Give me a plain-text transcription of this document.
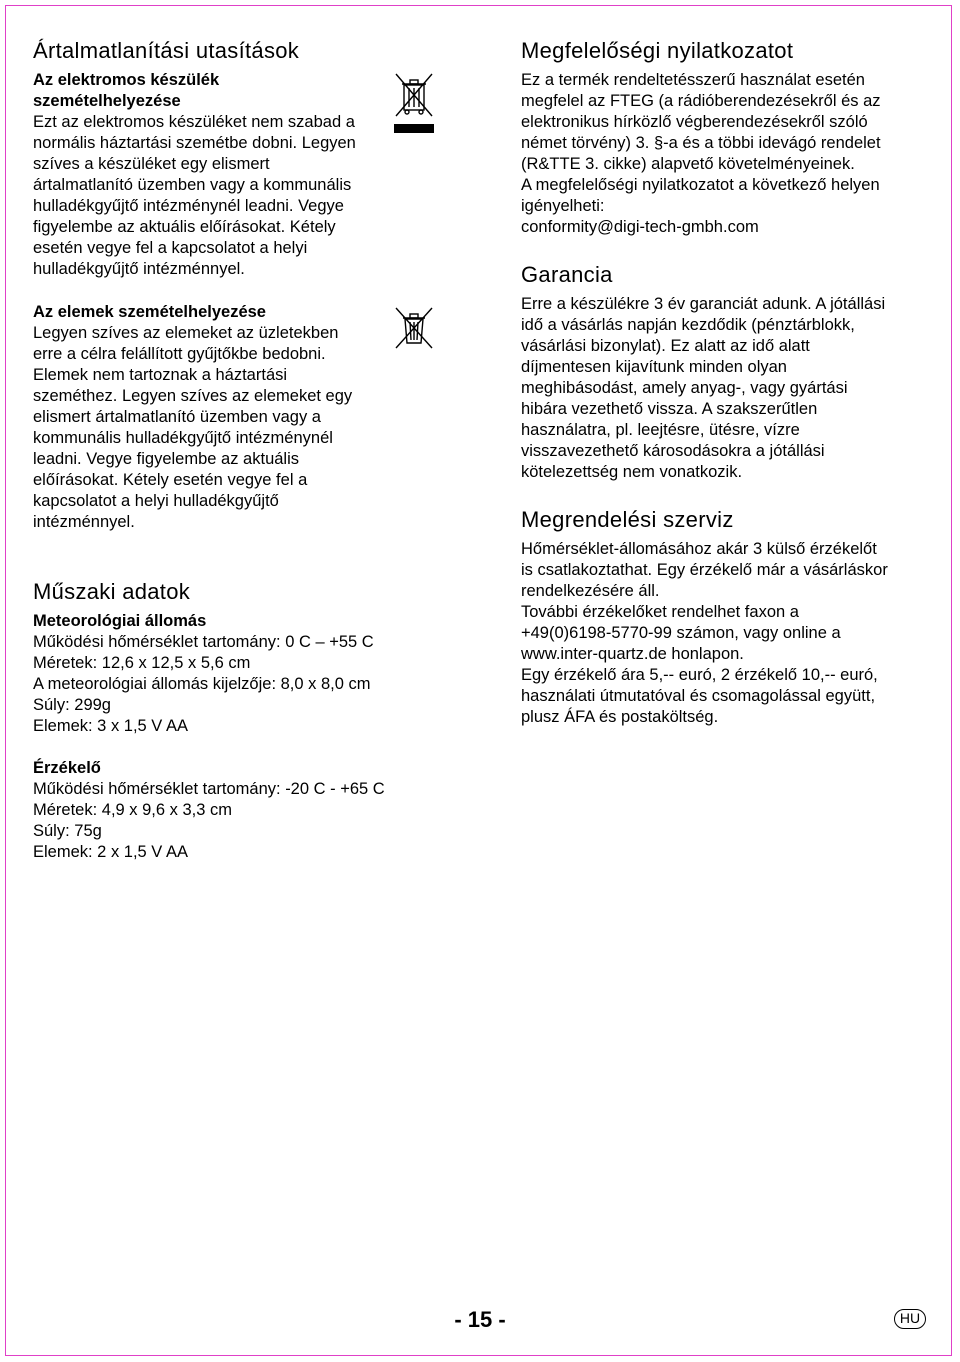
Ártalmatlanítási utasítások

Az elektromos készülék

szemételhelyezése

Ezt az elektromos készüléket nem szabad a

normális háztartási szemétbe dobni. Legyen

szíves a készüléket egy elismert

ártalmatlanító üzemben vagy a kommunális

hulladékgyűjtő intézménynél leadni. Vegye

figyelembe az aktuális előírásokat. Kétely

esetén vegye fel a kapcsolatot a helyi

hulladékgyűjtő intézménnyel.

Az elemek szemételhelyezése

Legyen szíves az elemeket az üzletekben

erre a célra felállított gyűjtőkbe bedobni.

Elemek nem tartoznak a háztartási

szeméthez. Legyen szíves az elemeket egy

elismert ártalmatlanító üzemben vagy a

kommunális hulladékgyűjtő intézménynél

leadni. Vegye figyelembe az aktuális

előírásokat. Kétely esetén vegye fel a

kapcsolatot a helyi hulladékgyűjtő

intézménnyel.

Műszaki adatok

Meteorológiai állomás

Működési hőmérséklet tartomány: 0 C – +55 C

Méretek: 12,6 x 12,5 x 5,6 cm

A meteorológiai állomás kijelzője: 8,0 x 8,0 cm

Súly: 299g

Elemek: 3 x 1,5 V AA

Érzékelő

Működési hőmérséklet tartomány: -20 C - +65 C

Méretek: 4,9 x 9,6 x 3,3 cm

Súly: 75g

Elemek: 2 x 1,5 V AA

Megfelelőségi nyilatkozatot

Ez a termék rendeltetésszerű használat esetén

megfelel az FTEG (a rádióberendezésekről és az

elektronikus hírközlő végberendezésekről szóló

német törvény) 3. §-a és a többi idevágó rendelet

(R&TTE 3. cikke) alapvető követelményeinek.

A megfelelőségi nyilatkozatot a következő helyen

igényelheti:

conformity@digi-tech-gmbh.com

Garancia

Erre a készülékre 3 év garanciát adunk. A jótállási

idő a vásárlás napján kezdődik (pénztárblokk,

vásárlási bizonylat). Ez alatt az idő alatt

díjmentesen kijavítunk minden olyan

meghibásodást, amely anyag-, vagy gyártási

hibára vezethető vissza. A szakszerűtlen

használatra, pl. leejtésre, ütésre, vízre

visszavezethető károsodásokra a jótállási

kötelezettség nem vonatkozik.

Megrendelési szerviz

Hőmérséklet-állomásához akár 3 külső érzékelőt

is csatlakoztathat. Egy érzékelő már a vásárláskor

rendelkezésére áll.

További érzékelőket rendelhet faxon a

+49(0)6198-5770-99 számon, vagy online a

www.inter-quartz.de honlapon.

Egy érzékelő ára 5,-- euró, 2 érzékelő 10,-- euró,

használati útmutatóval és csomagolással együtt,

plusz ÁFA és postaköltség.

- 15 -	HU
